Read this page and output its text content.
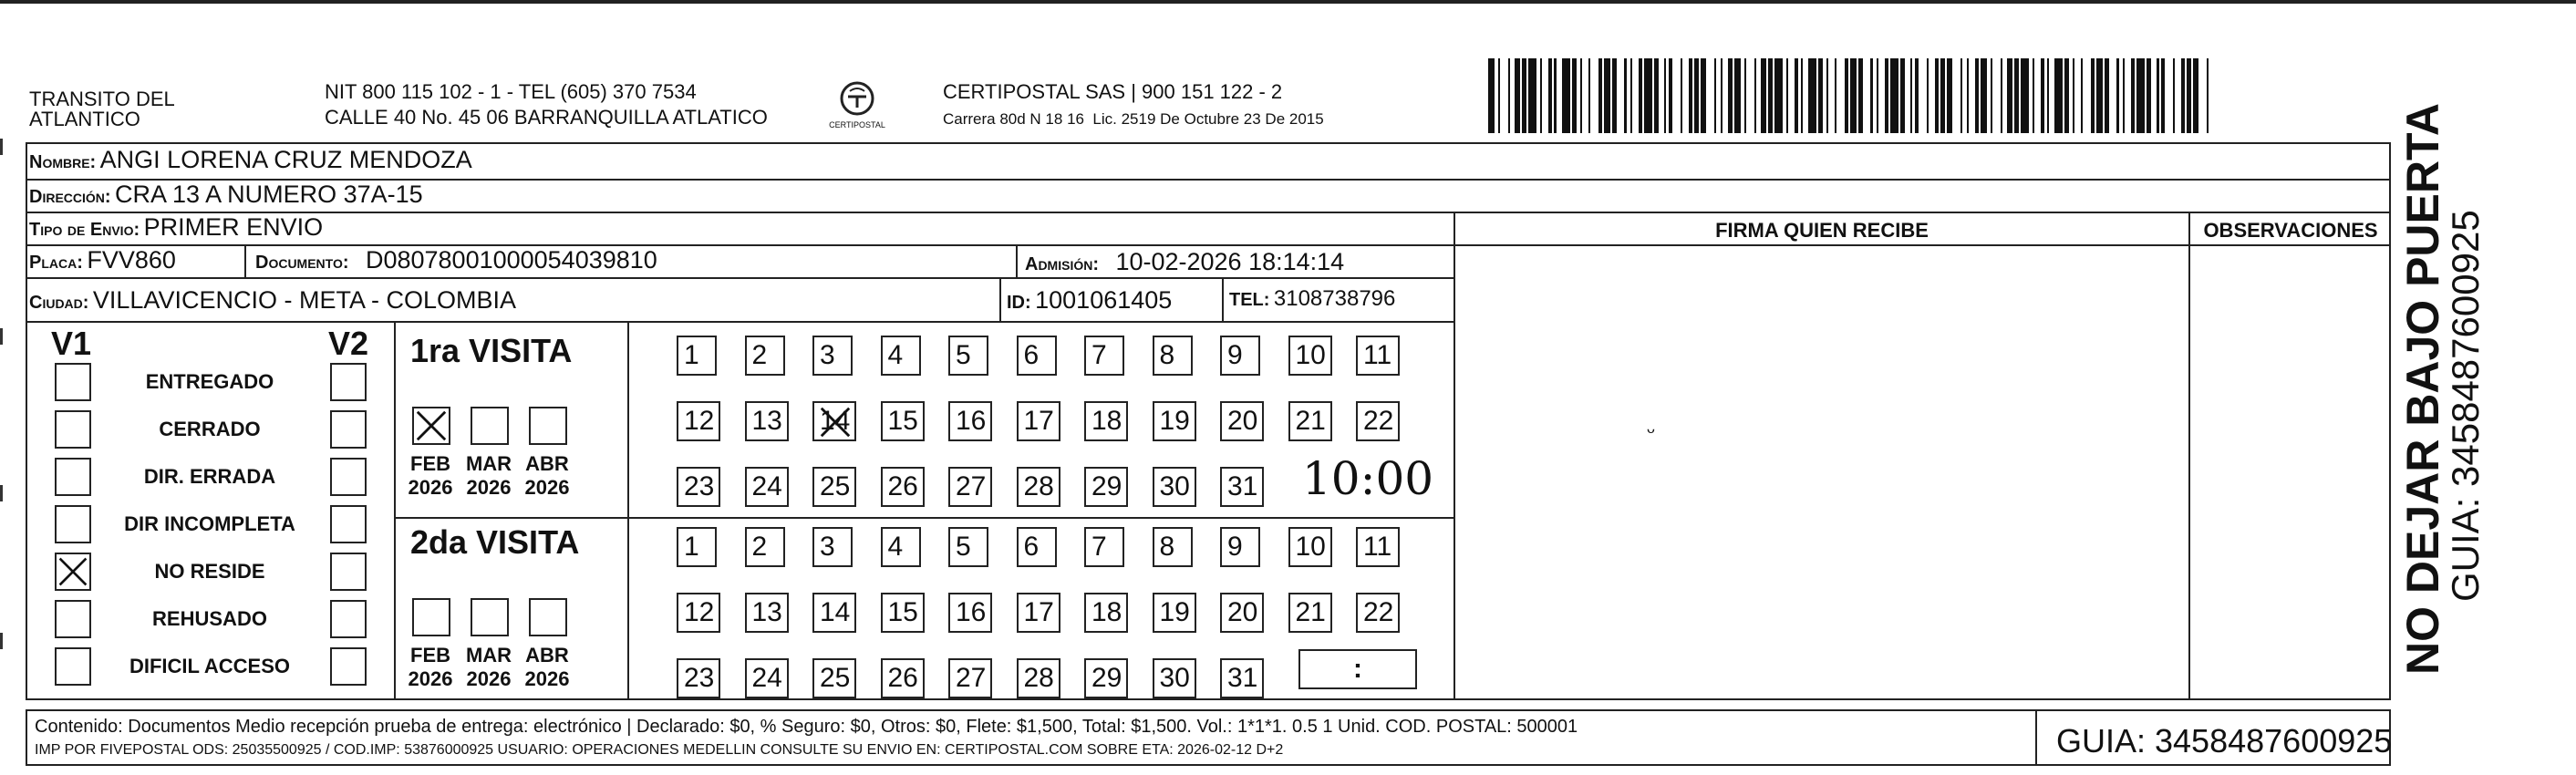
TRANSITO DEL
ATLANTICO
NIT 800 115 102 - 1 - TEL (605) 370 7534
CALLE 40 No. 45 06 BARRANQUILLA ATLATICO	CERTIPOSTAL
CERTIPOSTAL SAS | 900 151 122 - 2
Carrera 80d N 18 16  Lic. 2519 De Octubre 23 De 2015
Nombre: ANGI LORENA CRUZ MENDOZA
Dirección: CRA 13 A NUMERO 37A-15
Tipo de Envio: PRIMER ENVIO
Placa: FVV860	Documento: D08078001000054039810	Admisión: 10-02-2026 18:14:14
Ciudad: VILLAVICENCIO - META - COLOMBIA	ID: 1001061405	TEL: 3108738796
FIRMA QUIEN RECIBE	OBSERVACIONES
ᴗ
V1	V2
ENTREGADO
CERRADO
DIR. ERRADA
DIR INCOMPLETA
NO RESIDE
REHUSADO
DIFICIL ACCESO
1ra VISITA
2da VISITA
FEB
2026
MAR
2026
ABR
2026
FEB
2026
MAR
2026
ABR
2026
1	2	3	4	5	6	7	8	9	10 11
12 13 14 15 16 17 18 19 20 21 22
23 24 25 26 27 28 29 30 31
1	2	3	4	5	6	7	8	9	10 11
12 13 14 15 16 17 18 19 20 21 22
23 24 25 26 27 28 29 30 31
10:00
:
Contenido: Documentos Medio recepción prueba de entrega: electrónico | Declarado: $0, % Seguro: $0, Otros: $0, Flete: $1,500, Total: $1,500. Vol.: 1*1*1. 0.5 1 Unid. COD. POSTAL: 500001
IMP POR FIVEPOSTAL ODS: 25035500925 / COD.IMP: 53876000925 USUARIO: OPERACIONES MEDELLIN CONSULTE SU ENVIO EN: CERTIPOSTAL.COM SOBRE ETA: 2026-02-12 D+2	GUIA: 3458487600925
NO DEJAR BAJO PUERTA
GUIA: 3458487600925
